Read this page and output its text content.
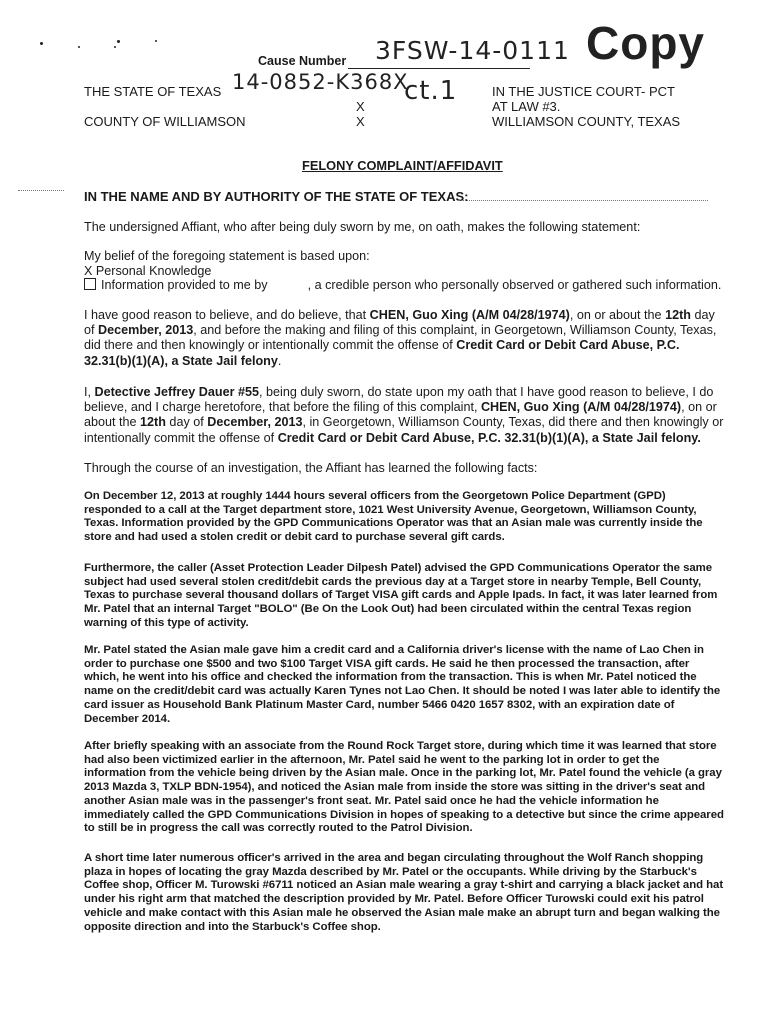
Cause Number 3FSW-14-0111 Copy
THE STATE OF TEXAS 14-0852-K368X
ct.1
X
X
COUNTY OF WILLIAMSON
IN THE JUSTICE COURT- PCT
AT LAW #3.
WILLIAMSON COUNTY, TEXAS
FELONY COMPLAINT/AFFIDAVIT
IN THE NAME AND BY AUTHORITY OF THE STATE OF TEXAS:
The undersigned Affiant, who after being duly sworn by me, on oath, makes the following statement:
My belief of the foregoing statement is based upon:
X Personal Knowledge
Information provided to me by	, a credible person who personally observed or gathered such information.
I have good reason to believe, and do believe, that CHEN, Guo Xing (A/M 04/28/1974), on or about the 12th day of December, 2013, and before the making and filing of this complaint, in Georgetown, Williamson County, Texas, did there and then knowingly or intentionally commit the offense of Credit Card or Debit Card Abuse, P.C. 32.31(b)(1)(A), a State Jail felony.
I, Detective Jeffrey Dauer #55, being duly sworn, do state upon my oath that I have good reason to believe, I do believe, and I charge heretofore, that before the filing of this complaint, CHEN, Guo Xing (A/M 04/28/1974), on or about the 12th day of December, 2013, in Georgetown, Williamson County, Texas, did there and then knowingly or intentionally commit the offense of Credit Card or Debit Card Abuse, P.C. 32.31(b)(1)(A), a State Jail felony.
Through the course of an investigation, the Affiant has learned the following facts:
On December 12, 2013 at roughly 1444 hours several officers from the Georgetown Police Department (GPD) responded to a call at the Target department store, 1021 West University Avenue, Georgetown, Williamson County, Texas. Information provided by the GPD Communications Operator was that an Asian male was currently inside the store and had used a stolen credit or debit card to purchase several gift cards.
Furthermore, the caller (Asset Protection Leader Dilpesh Patel) advised the GPD Communications Operator the same subject had used several stolen credit/debit cards the previous day at a Target store in nearby Temple, Bell County, Texas to purchase several thousand dollars of Target VISA gift cards and Apple Ipads. In fact, it was later learned from Mr. Patel that an internal Target "BOLO" (Be On the Look Out) had been circulated within the central Texas region warning of this type of activity.
Mr. Patel stated the Asian male gave him a credit card and a California driver's license with the name of Lao Chen in order to purchase one $500 and two $100 Target VISA gift cards. He said he then processed the transaction, after which, he went into his office and checked the information from the transaction. This is when Mr. Patel noticed the name on the credit/debit card was actually Karen Tynes not Lao Chen. It should be noted I was later able to identify the card issuer as Household Bank Platinum Master Card, number 5466 0420 1657 8302, with an expiration date of December 2014.
After briefly speaking with an associate from the Round Rock Target store, during which time it was learned that store had also been victimized earlier in the afternoon, Mr. Patel said he went to the parking lot in order to get the information from the vehicle being driven by the Asian male. Once in the parking lot, Mr. Patel found the vehicle (a gray 2013 Mazda 3, TXLP BDN-1954), and noticed the Asian male from inside the store was sitting in the driver's seat and another Asian male was in the passenger's front seat. Mr. Patel said once he had the vehicle information he immediately called the GPD Communications Division in hopes of speaking to a detective but since the crime appeared to still be in progress the call was correctly routed to the Patrol Division.
A short time later numerous officer's arrived in the area and began circulating throughout the Wolf Ranch shopping plaza in hopes of locating the gray Mazda described by Mr. Patel or the occupants. While driving by the Starbuck's Coffee shop, Officer M. Turowski #6711 noticed an Asian male wearing a gray t-shirt and carrying a black jacket and hat under his right arm that matched the description provided by Mr. Patel. Before Officer Turowski could exit his patrol vehicle and make contact with this Asian male he observed the Asian male make an abrupt turn and began walking the opposite direction and into the Starbuck's Coffee shop.
